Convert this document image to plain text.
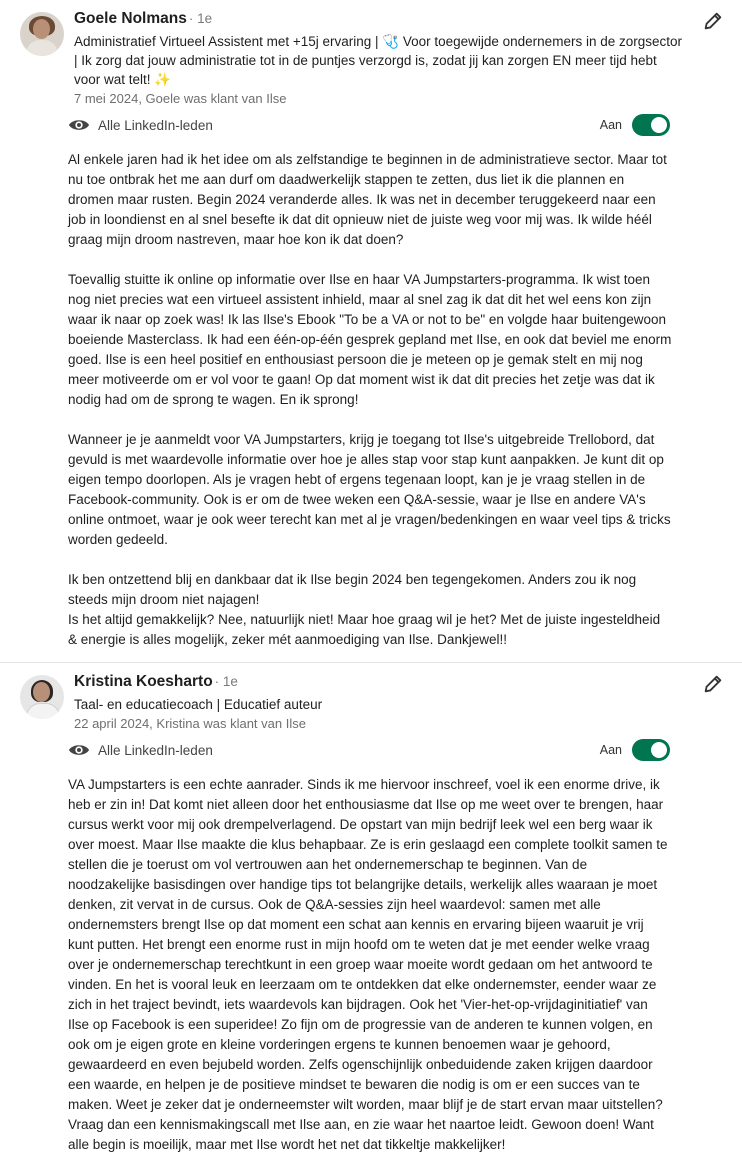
Goele Nolmans · 1e
Administratief Virtueel Assistent met +15j ervaring | 🩺 Voor toegewijde ondernemers in de zorgsector | Ik zorg dat jouw administratie tot in de puntjes verzorgd is, zodat jij kan zorgen EN meer tijd hebt voor wat telt! ✨
7 mei 2024, Goele was klant van Ilse
Alle LinkedIn-leden	Aan

Al enkele jaren had ik het idee om als zelfstandige te beginnen in de administratieve sector. Maar tot nu toe ontbrak het me aan durf om daadwerkelijk stappen te zetten, dus liet ik die plannen en dromen maar rusten. Begin 2024 veranderde alles. Ik was net in december teruggekeerd naar een job in loondienst en al snel besefte ik dat dit opnieuw niet de juiste weg voor mij was. Ik wilde héél graag mijn droom nastreven, maar hoe kon ik dat doen?

Toevallig stuitte ik online op informatie over Ilse en haar VA Jumpstarters-programma. Ik wist toen nog niet precies wat een virtueel assistent inhield, maar al snel zag ik dat dit het wel eens kon zijn waar ik naar op zoek was! Ik las Ilse's Ebook "To be a VA or not to be" en volgde haar buitengewoon boeiende Masterclass. Ik had een één-op-één gesprek gepland met Ilse, en ook dat beviel me enorm goed. Ilse is een heel positief en enthousiast persoon die je meteen op je gemak stelt en mij nog meer motiveerde om er vol voor te gaan! Op dat moment wist ik dat dit precies het zetje was dat ik nodig had om de sprong te wagen. En ik sprong!

Wanneer je je aanmeldt voor VA Jumpstarters, krijg je toegang tot Ilse's uitgebreide Trellobord, dat gevuld is met waardevolle informatie over hoe je alles stap voor stap kunt aanpakken. Je kunt dit op eigen tempo doorlopen. Als je vragen hebt of ergens tegenaan loopt, kan je je vraag stellen in de Facebook-community. Ook is er om de twee weken een Q&A-sessie, waar je Ilse en andere VA's online ontmoet, waar je ook weer terecht kan met al je vragen/bedenkingen en waar veel tips & tricks worden gedeeld.

Ik ben ontzettend blij en dankbaar dat ik Ilse begin 2024 ben tegengekomen. Anders zou ik nog steeds mijn droom niet najagen!

Is het altijd gemakkelijk? Nee, natuurlijk niet! Maar hoe graag wil je het? Met de juiste ingesteldheid & energie is alles mogelijk, zeker mét aanmoediging van Ilse. Dankjewel!!

Kristina Koesharto · 1e
Taal- en educatiecoach | Educatief auteur
22 april 2024, Kristina was klant van Ilse
Alle LinkedIn-leden	Aan

VA Jumpstarters is een echte aanrader. Sinds ik me hiervoor inschreef, voel ik een enorme drive, ik heb er zin in! Dat komt niet alleen door het enthousiasme dat Ilse op me weet over te brengen, haar cursus werkt voor mij ook drempelverlagend. De opstart van mijn bedrijf leek wel een berg waar ik over moest. Maar Ilse maakte die klus behapbaar. Ze is erin geslaagd een complete toolkit samen te stellen die je toerust om vol vertrouwen aan het ondernemerschap te beginnen. Van de noodzakelijke basisdingen over handige tips tot belangrijke details, werkelijk alles waaraan je moet denken, zit vervat in de cursus. Ook de Q&A-sessies zijn heel waardevol: samen met alle ondernemsters brengt Ilse op dat moment een schat aan kennis en ervaring bijeen waaruit je vrij kunt putten. Het brengt een enorme rust in mijn hoofd om te weten dat je met eender welke vraag over je ondernemerschap terechtkunt in een groep waar moeite wordt gedaan om het antwoord te vinden. En het is vooral leuk en leerzaam om te ontdekken dat elke ondernemster, eender waar ze zich in het traject bevindt, iets waardevols kan bijdragen. Ook het 'Vier-het-op-vrijdaginitiatief' van Ilse op Facebook is een superidee! Zo fijn om de progressie van de anderen te kunnen volgen, en ook om je eigen grote en kleine vorderingen ergens te kunnen benoemen waar je gehoord, gewaardeerd en even bejubeld worden. Zelfs ogenschijnlijk onbeduidende zaken krijgen daardoor een waarde, en helpen je de positieve mindset te bewaren die nodig is om er een succes van te maken. Weet je zeker dat je onderneemster wilt worden, maar blijf je de start ervan maar uitstellen? Vraag dan een kennismakingscall met Ilse aan, en zie waar het naartoe leidt. Gewoon doen! Want alle begin is moeilijk, maar met Ilse wordt het net dat tikkeltje makkelijker!
